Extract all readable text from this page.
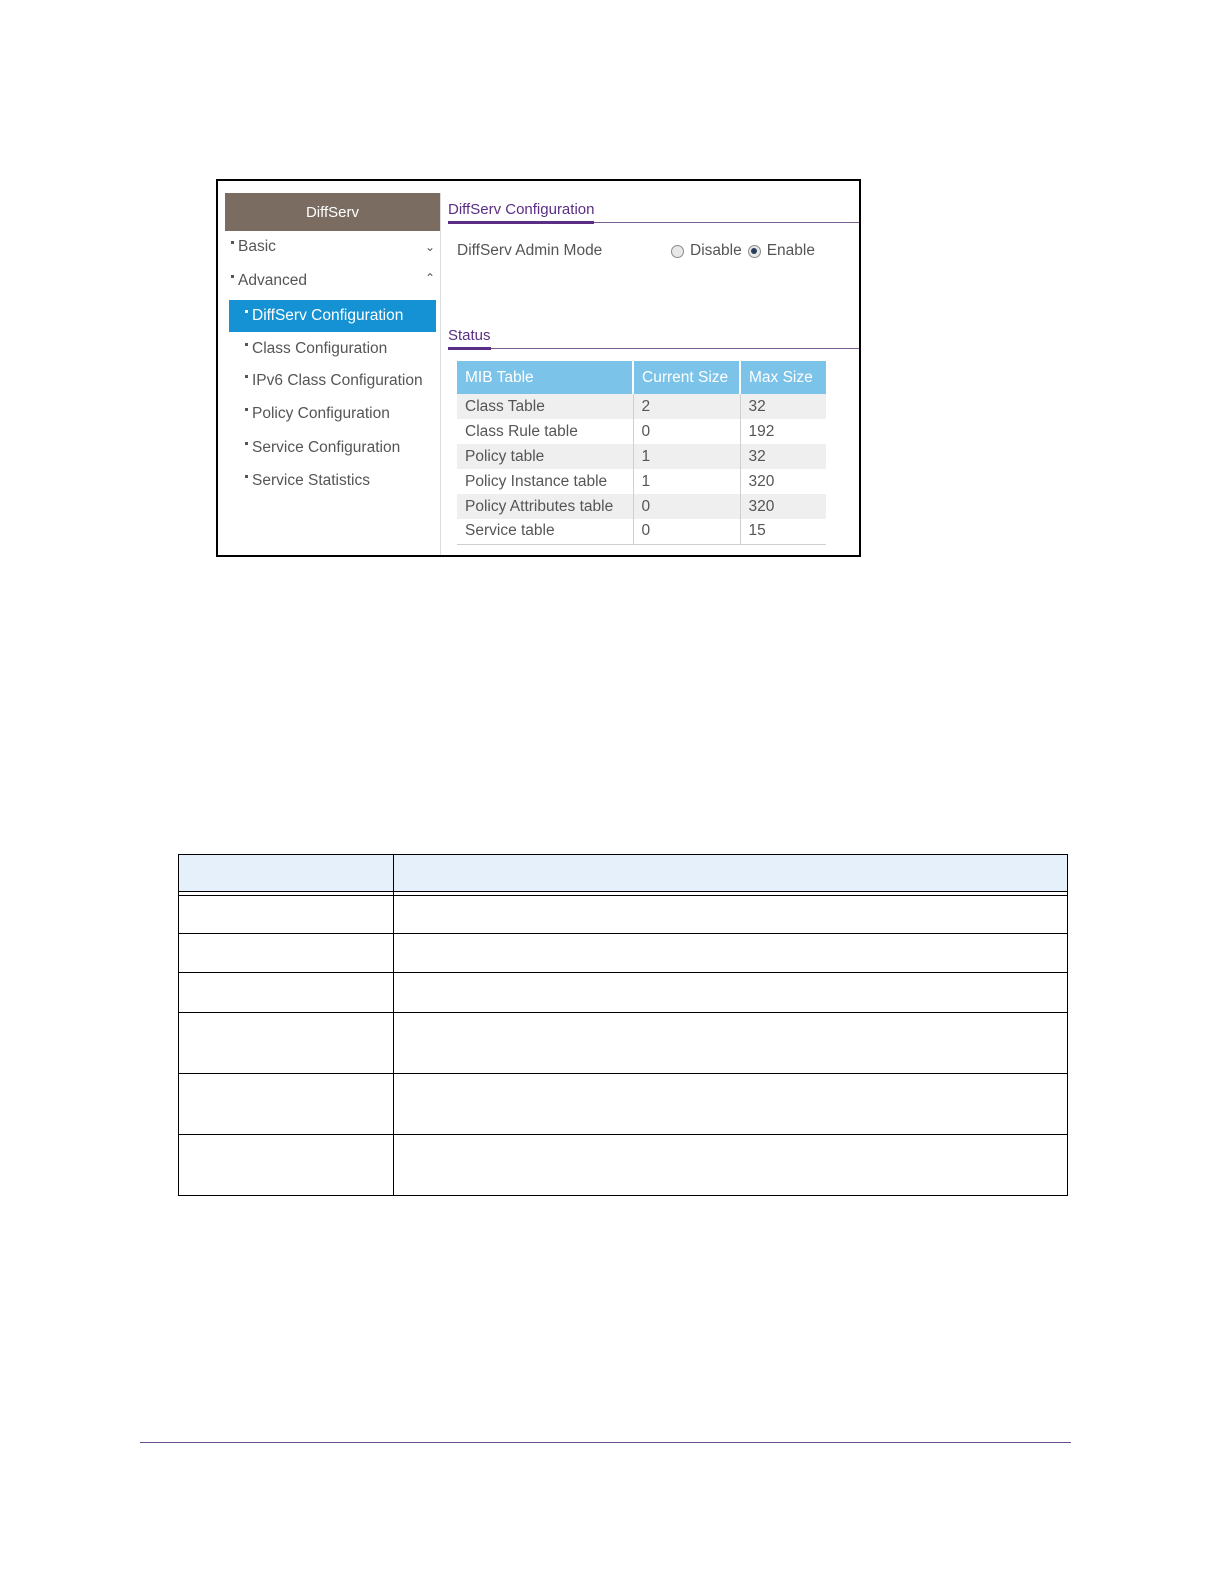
DiffServ
Basic	⌄
Advanced	⌃
DiffServ Configuration
Class Configuration
IPv6 Class Configuration
Policy Configuration
Service Configuration
Service Statistics
DiffServ Configuration
DiffServ Admin Mode	Disable Enable
Status
MIB Table	Current Size	Max Size
Class Table	2	32
Class Rule table	0	192
Policy table	1	32
Policy Instance table	1	320
Policy Attributes table	0	320
Service table	0	15
